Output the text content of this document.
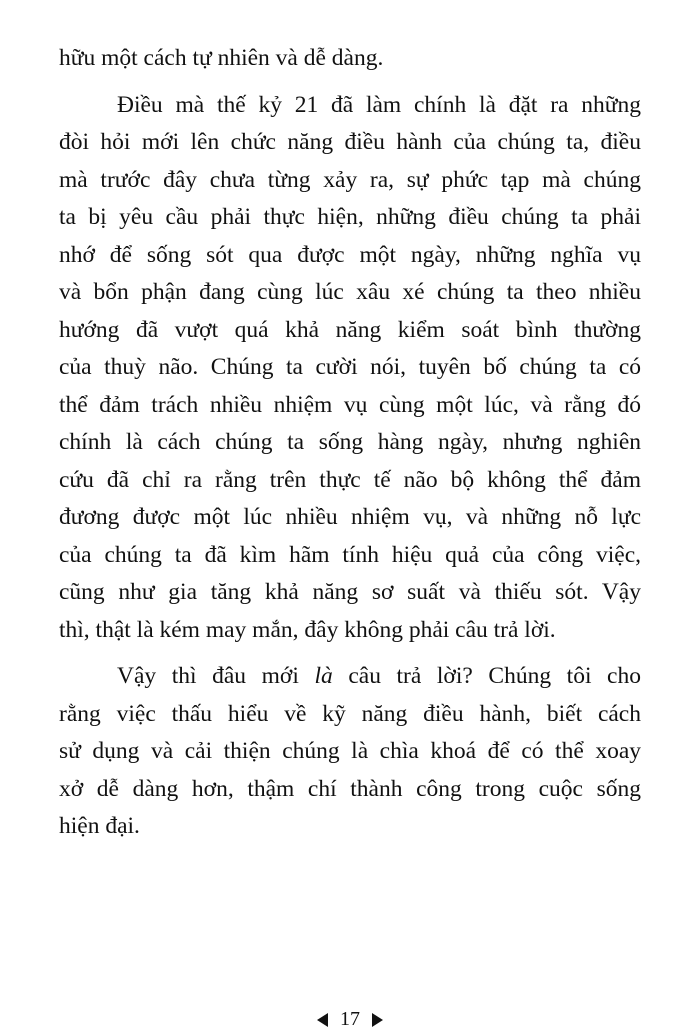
hữu một cách tự nhiên và dễ dàng.
Điều mà thế kỷ 21 đã làm chính là đặt ra những
đòi hỏi mới lên chức năng điều hành của chúng ta, điều
mà trước đây chưa từng xảy ra, sự phức tạp mà chúng
ta bị yêu cầu phải thực hiện, những điều chúng ta phải
nhớ để sống sót qua được một ngày, những nghĩa vụ
và bổn phận đang cùng lúc xâu xé chúng ta theo nhiều
hướng đã vượt quá khả năng kiểm soát bình thường
của thuỳ não. Chúng ta cười nói, tuyên bố chúng ta có
thể đảm trách nhiều nhiệm vụ cùng một lúc, và rằng đó
chính là cách chúng ta sống hàng ngày, nhưng nghiên
cứu đã chỉ ra rằng trên thực tế não bộ không thể đảm
đương được một lúc nhiều nhiệm vụ, và những nỗ lực
của chúng ta đã kìm hãm tính hiệu quả của công việc,
cũng như gia tăng khả năng sơ suất và thiếu sót. Vậy
thì, thật là kém may mắn, đây không phải câu trả lời.
Vậy thì đâu mới là câu trả lời? Chúng tôi cho
rằng việc thấu hiểu về kỹ năng điều hành, biết cách
sử dụng và cải thiện chúng là chìa khoá để có thể xoay
xở dễ dàng hơn, thậm chí thành công trong cuộc sống
hiện đại.
17
